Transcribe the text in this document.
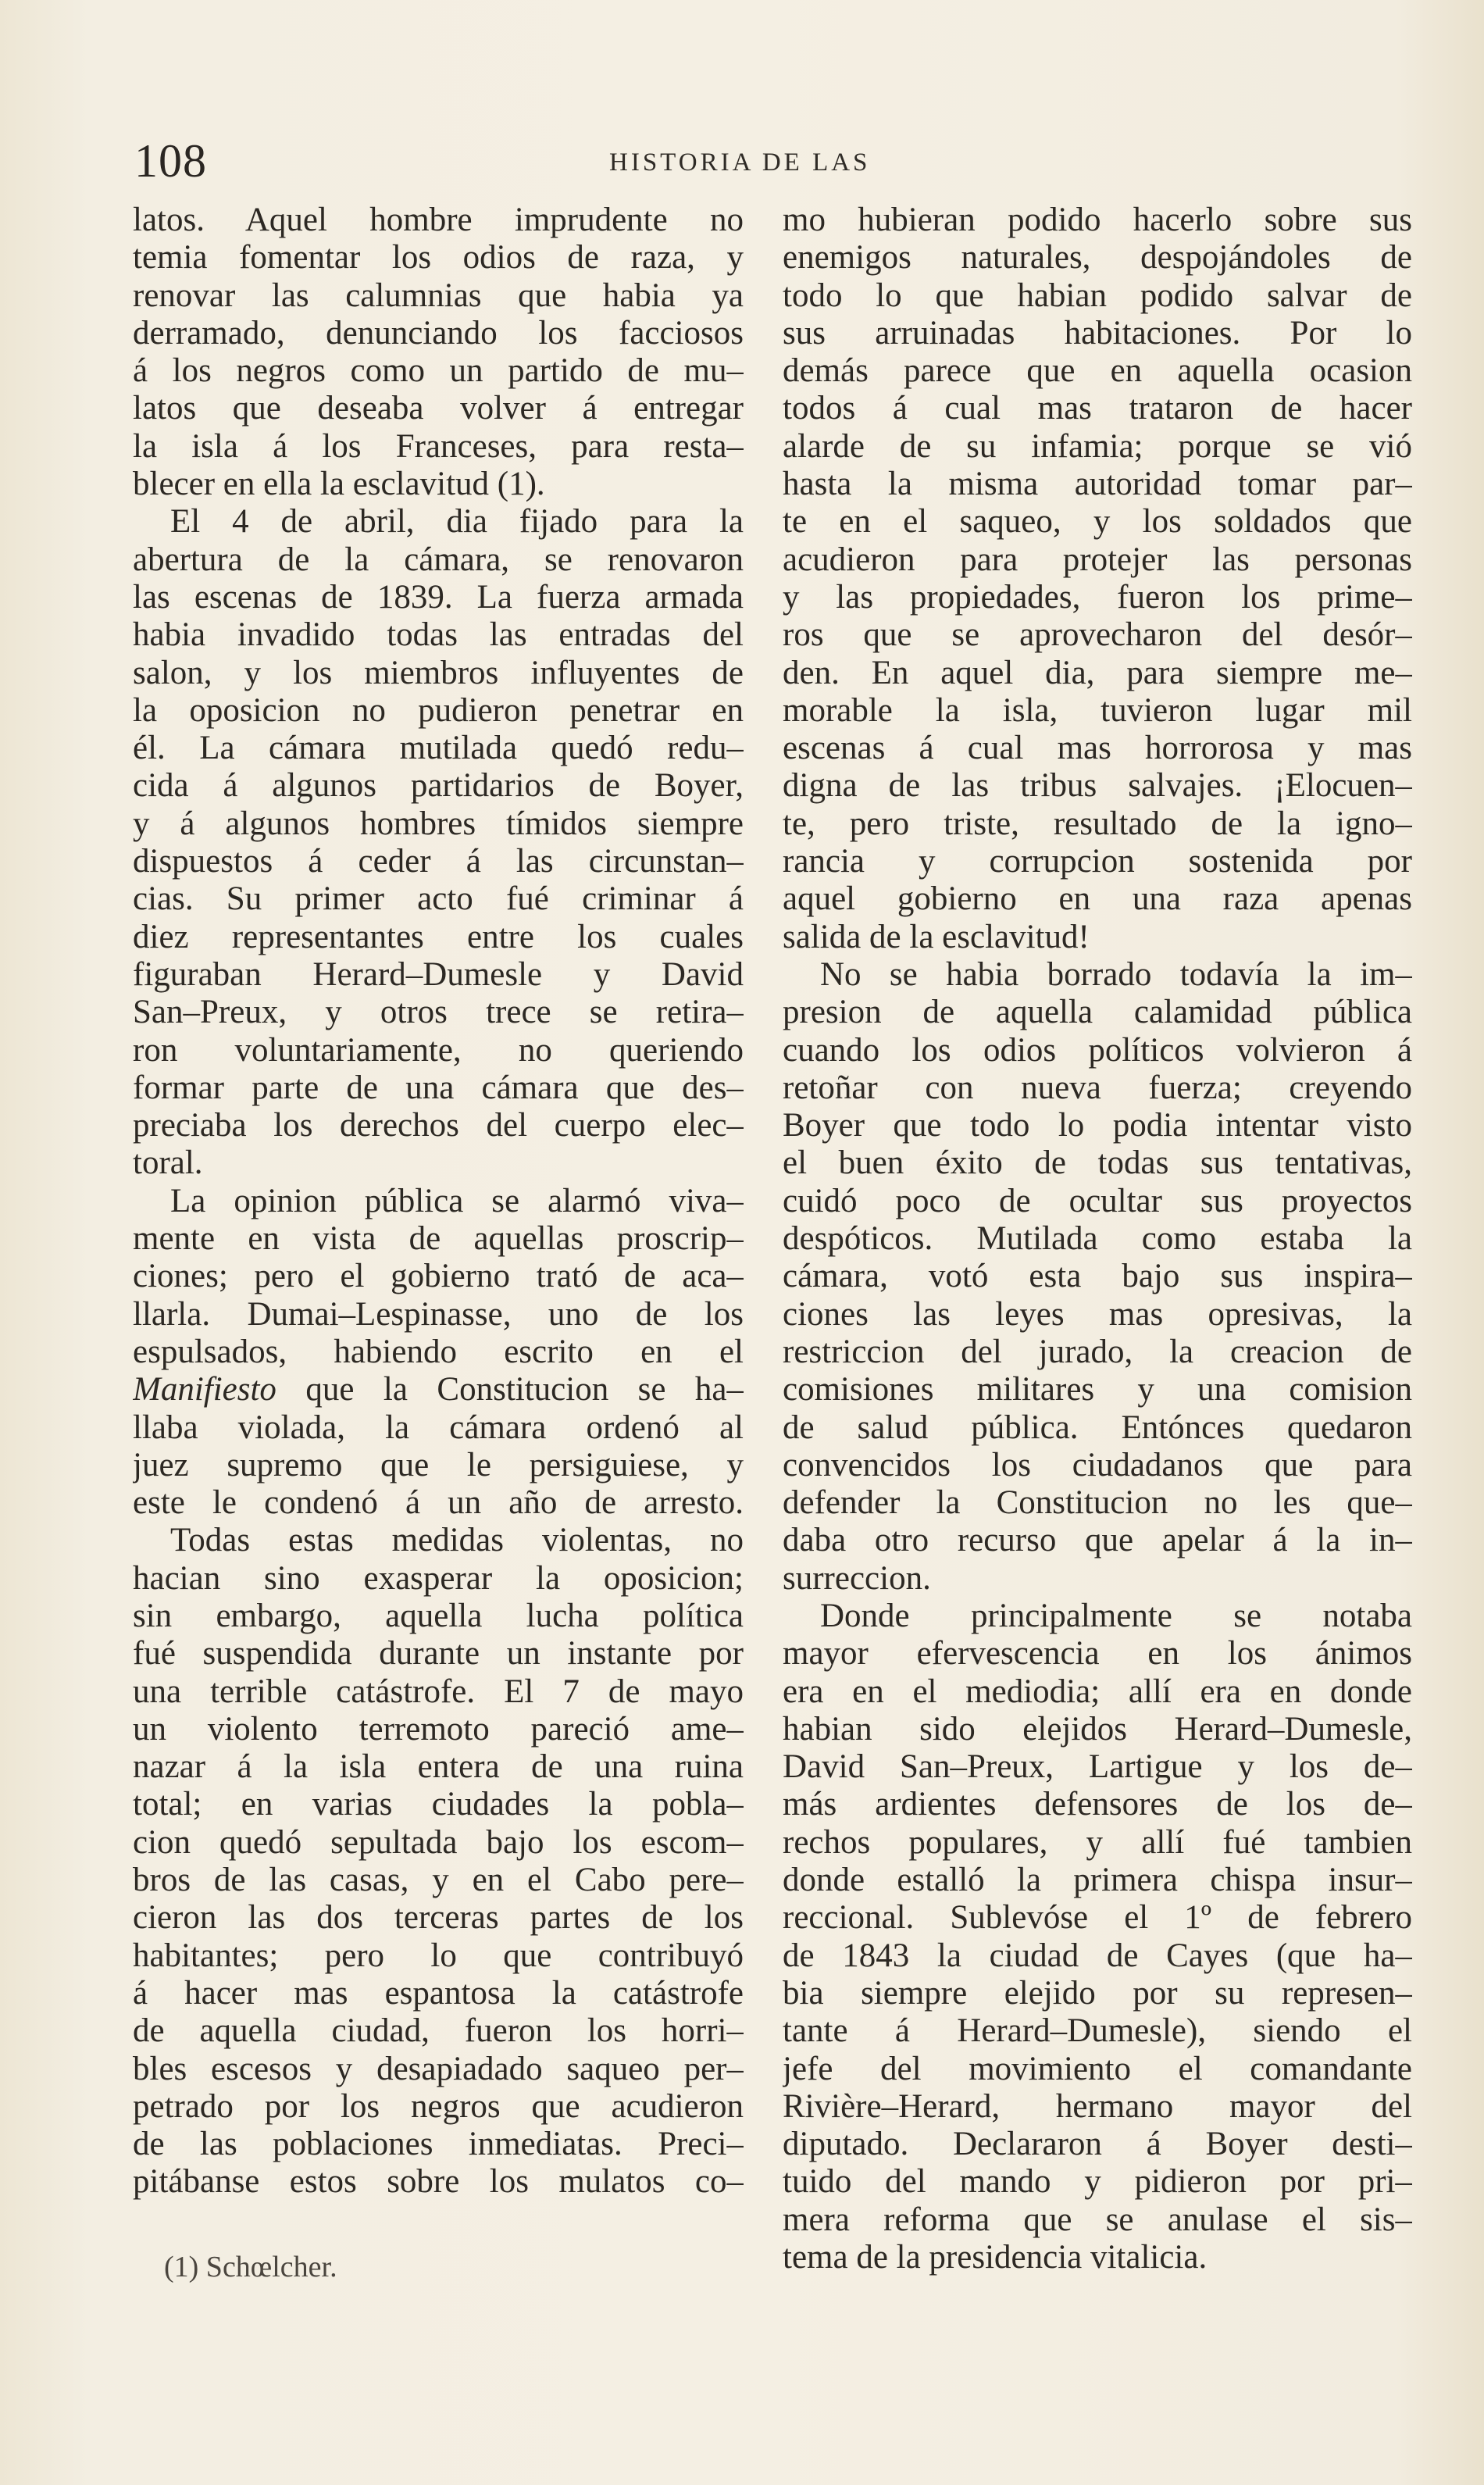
108	HISTORIA DE LAS
latos. Aquel hombre imprudente no
temia fomentar los odios de raza, y
renovar las calumnias que habia ya
derramado, denunciando los facciosos
á los negros como un partido de mu–
latos que deseaba volver á entregar
la isla á los Franceses, para resta–
blecer en ella la esclavitud (1).
El 4 de abril, dia fijado para la
abertura de la cámara, se renovaron
las escenas de 1839. La fuerza armada
habia invadido todas las entradas del
salon, y los miembros influyentes de
la oposicion no pudieron penetrar en
él. La cámara mutilada quedó redu–
cida á algunos partidarios de Boyer,
y á algunos hombres tímidos siempre
dispuestos á ceder á las circunstan–
cias. Su primer acto fué criminar á
diez representantes entre los cuales
figuraban Herard–Dumesle y David
San–Preux, y otros trece se retira–
ron voluntariamente, no queriendo
formar parte de una cámara que des–
preciaba los derechos del cuerpo elec–
toral.
La opinion pública se alarmó viva–
mente en vista de aquellas proscrip–
ciones; pero el gobierno trató de aca–
llarla. Dumai–Lespinasse, uno de los
espulsados, habiendo escrito en el
Manifiesto que la Constitucion se ha–
llaba violada, la cámara ordenó al
juez supremo que le persiguiese, y
este le condenó á un año de arresto.
Todas estas medidas violentas, no
hacian sino exasperar la oposicion;
sin embargo, aquella lucha política
fué suspendida durante un instante por
una terrible catástrofe. El 7 de mayo
un violento terremoto pareció ame–
nazar á la isla entera de una ruina
total; en varias ciudades la pobla–
cion quedó sepultada bajo los escom–
bros de las casas, y en el Cabo pere–
cieron las dos terceras partes de los
habitantes; pero lo que contribuyó
á hacer mas espantosa la catástrofe
de aquella ciudad, fueron los horri–
bles escesos y desapiadado saqueo per–
petrado por los negros que acudieron
de las poblaciones inmediatas. Preci–
pitábanse estos sobre los mulatos co–
mo hubieran podido hacerlo sobre sus
enemigos naturales, despojándoles de
todo lo que habian podido salvar de
sus arruinadas habitaciones. Por lo
demás parece que en aquella ocasion
todos á cual mas trataron de hacer
alarde de su infamia; porque se vió
hasta la misma autoridad tomar par–
te en el saqueo, y los soldados que
acudieron para protejer las personas
y las propiedades, fueron los prime–
ros que se aprovecharon del desór–
den. En aquel dia, para siempre me–
morable la isla, tuvieron lugar mil
escenas á cual mas horrorosa y mas
digna de las tribus salvajes. ¡Elocuen–
te, pero triste, resultado de la igno–
rancia y corrupcion sostenida por
aquel gobierno en una raza apenas
salida de la esclavitud!
No se habia borrado todavía la im–
presion de aquella calamidad pública
cuando los odios políticos volvieron á
retoñar con nueva fuerza; creyendo
Boyer que todo lo podia intentar visto
el buen éxito de todas sus tentativas,
cuidó poco de ocultar sus proyectos
despóticos. Mutilada como estaba la
cámara, votó esta bajo sus inspira–
ciones las leyes mas opresivas, la
restriccion del jurado, la creacion de
comisiones militares y una comision
de salud pública. Entónces quedaron
convencidos los ciudadanos que para
defender la Constitucion no les que–
daba otro recurso que apelar á la in–
surreccion.
Donde principalmente se notaba
mayor efervescencia en los ánimos
era en el mediodia; allí era en donde
habian sido elejidos Herard–Dumesle,
David San–Preux, Lartigue y los de–
más ardientes defensores de los de–
rechos populares, y allí fué tambien
donde estalló la primera chispa insur–
reccional. Sublevóse el 1º de febrero
de 1843 la ciudad de Cayes (que ha–
bia siempre elejido por su represen–
tante á Herard–Dumesle), siendo el
jefe del movimiento el comandante
Rivière–Herard, hermano mayor del
diputado. Declararon á Boyer desti–
tuido del mando y pidieron por pri–
mera reforma que se anulase el sis–
tema de la presidencia vitalicia.
(1) Schœlcher.
